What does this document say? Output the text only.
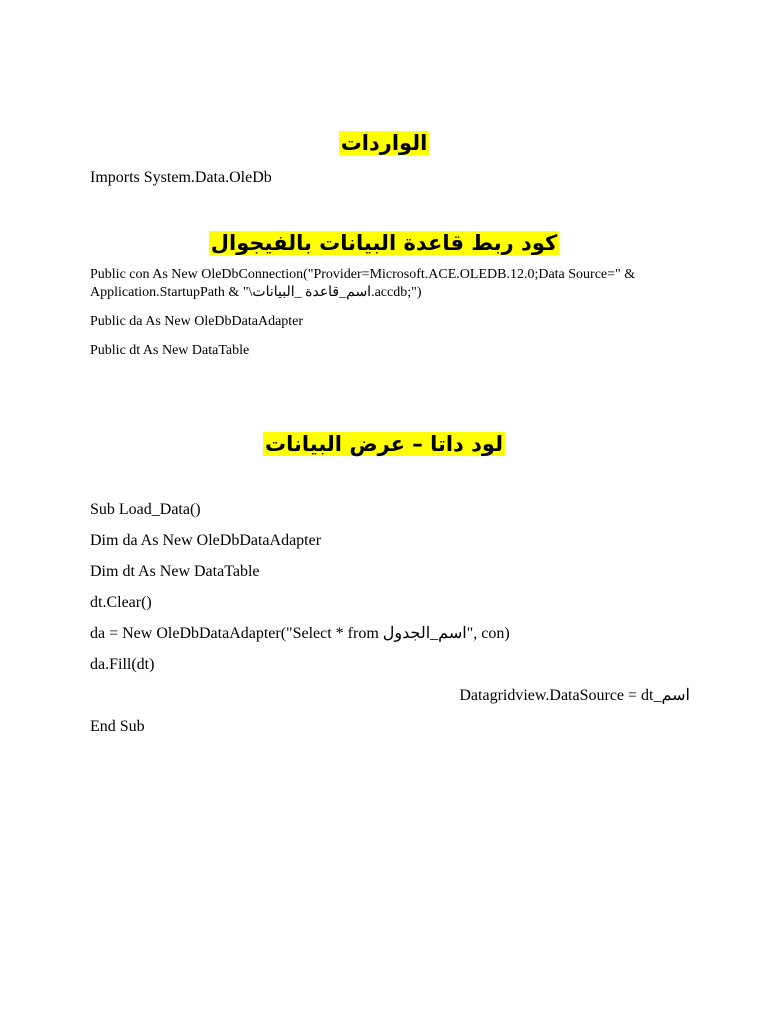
الواردات
Imports System.Data.OleDb
كود ربط قاعدة البيانات بالفيجوال
Public con As New OleDbConnection("Provider=Microsoft.ACE.OLEDB.12.0;Data Source=" &
Application.StartupPath & "\اسم_قاعدة _البيانات.accdb;")
Public da As New OleDbDataAdapter
Public dt As New DataTable
لود داتا – عرض البيانات
Sub Load_Data()
Dim da As New OleDbDataAdapter
Dim dt As New DataTable
dt.Clear()
da = New OleDbDataAdapter("Select * from اسم_الجدول", con)
da.Fill(dt)
اسم_Datagridview.DataSource = dt
End Sub
